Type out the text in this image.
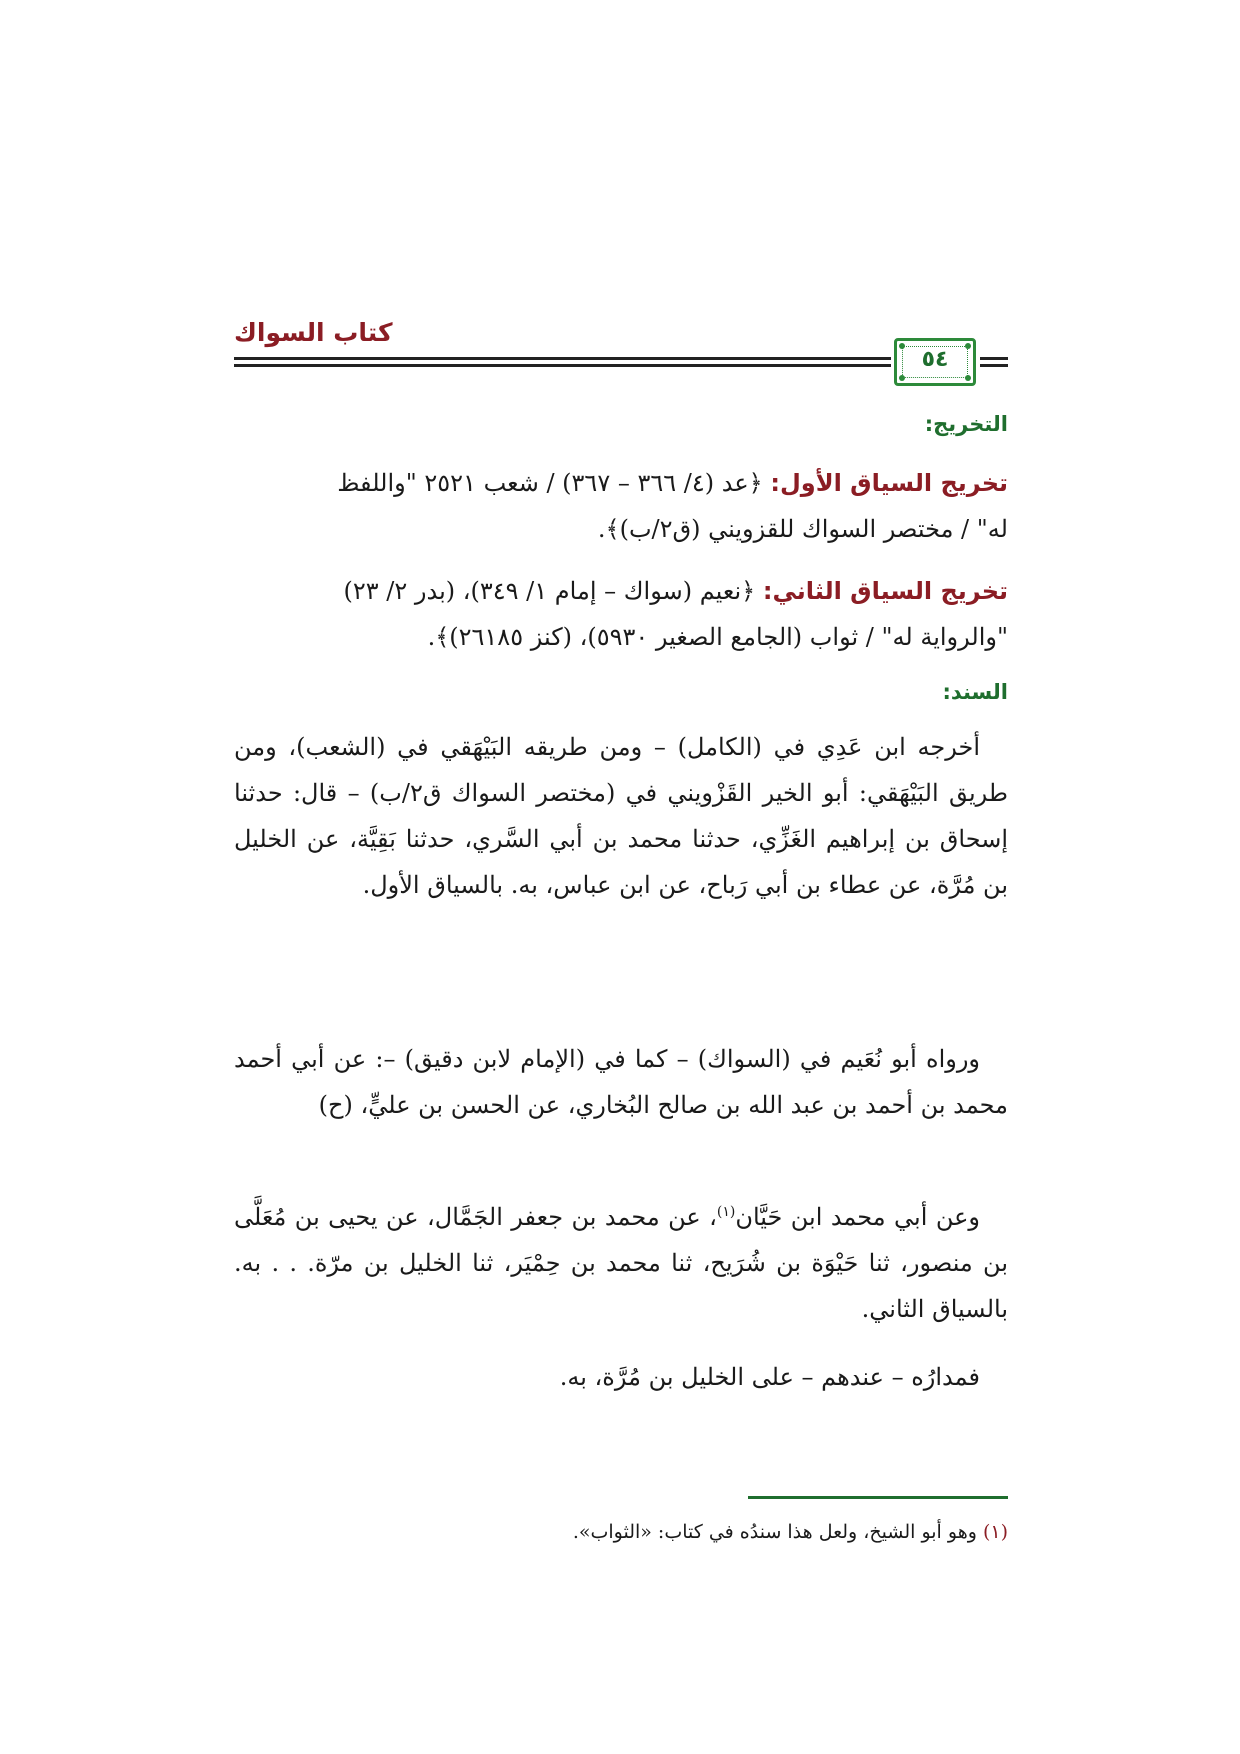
كتاب السواك
٥٤
التخريج:
تخريج السياق الأول: ﴿عد (٤/ ٣٦٦ – ٣٦٧) / شعب ٢٥٢١ "واللفظ
له" / مختصر السواك للقزويني (ق٢/ب)﴾.
تخريج السياق الثاني: ﴿نعيم (سواك – إمام ١/ ٣٤٩)، (بدر ٢/ ٢٣)
"والرواية له" / ثواب (الجامع الصغير ٥٩٣٠)، (كنز ٢٦١٨٥)﴾.
السند:
أخرجه ابن عَدِي في (الكامل) – ومن طريقه البَيْهَقي في (الشعب)، ومن طريق البَيْهَقي: أبو الخير القَزْويني في (مختصر السواك ق٢/ب) – قال: حدثنا إسحاق بن إبراهيم الغَزِّي، حدثنا محمد بن أبي السَّري، حدثنا بَقِيَّة، عن الخليل بن مُرَّة، عن عطاء بن أبي رَباح، عن ابن عباس، به. بالسياق الأول.
ورواه أبو نُعَيم في (السواك) – كما في (الإمام لابن دقيق) –: عن أبي أحمد محمد بن أحمد بن عبد الله بن صالح البُخاري، عن الحسن بن عليٍّ، (ح)
وعن أبي محمد ابن حَيَّان$^{(١)}$، عن محمد بن جعفر الجَمَّال، عن يحيى بن مُعَلَّى بن منصور، ثنا حَيْوَة بن شُرَيح، ثنا محمد بن حِمْيَر، ثنا الخليل بن مرّة. . . به. بالسياق الثاني.
فمدارُه – عندهم – على الخليل بن مُرَّة، به.
(١) وهو أبو الشيخ، ولعل هذا سندُه في كتاب: «الثواب».
